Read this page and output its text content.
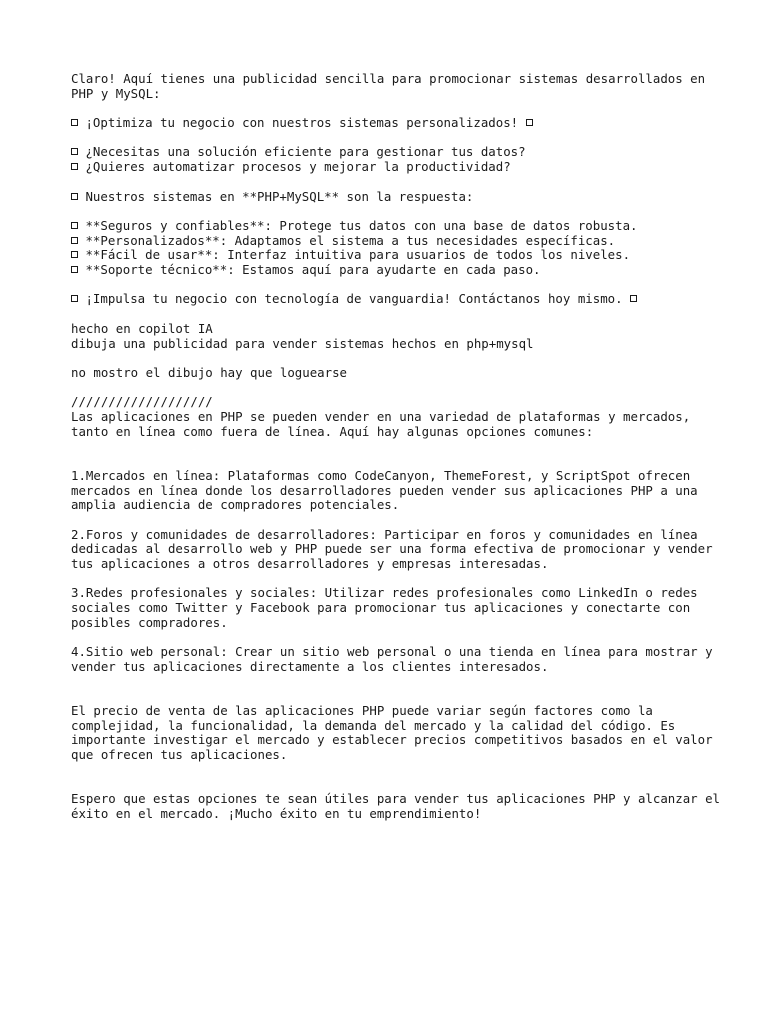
Claro! Aquí tienes una publicidad sencilla para promocionar sistemas desarrollados en PHP y MySQL:

¡Optimiza tu negocio con nuestros sistemas personalizados!

¿Necesitas una solución eficiente para gestionar tus datos?

¿Quieres automatizar procesos y mejorar la productividad?

Nuestros sistemas en **PHP+MySQL** son la respuesta:

**Seguros y confiables**: Protege tus datos con una base de datos robusta.

**Personalizados**: Adaptamos el sistema a tus necesidades específicas.

**Fácil de usar**: Interfaz intuitiva para usuarios de todos los niveles.

**Soporte técnico**: Estamos aquí para ayudarte en cada paso.

¡Impulsa tu negocio con tecnología de vanguardia! Contáctanos hoy mismo.

hecho en copilot IA

dibuja una publicidad para vender sistemas hechos en php+mysql

no mostro el dibujo hay que loguearse

///////////////////

Las aplicaciones en PHP se pueden vender en una variedad de plataformas y mercados, tanto en línea como fuera de línea. Aquí hay algunas opciones comunes:

1.Mercados en línea: Plataformas como CodeCanyon, ThemeForest, y ScriptSpot ofrecen mercados en línea donde los desarrolladores pueden vender sus aplicaciones PHP a una amplia audiencia de compradores potenciales.

2.Foros y comunidades de desarrolladores: Participar en foros y comunidades en línea dedicadas al desarrollo web y PHP puede ser una forma efectiva de promocionar y vender tus aplicaciones a otros desarrolladores y empresas interesadas.

3.Redes profesionales y sociales: Utilizar redes profesionales como LinkedIn o redes sociales como Twitter y Facebook para promocionar tus aplicaciones y conectarte con posibles compradores.

4.Sitio web personal: Crear un sitio web personal o una tienda en línea para mostrar y vender tus aplicaciones directamente a los clientes interesados.

El precio de venta de las aplicaciones PHP puede variar según factores como la complejidad, la funcionalidad, la demanda del mercado y la calidad del código. Es importante investigar el mercado y establecer precios competitivos basados en el valor que ofrecen tus aplicaciones.

Espero que estas opciones te sean útiles para vender tus aplicaciones PHP y alcanzar el éxito en el mercado. ¡Mucho éxito en tu emprendimiento!
